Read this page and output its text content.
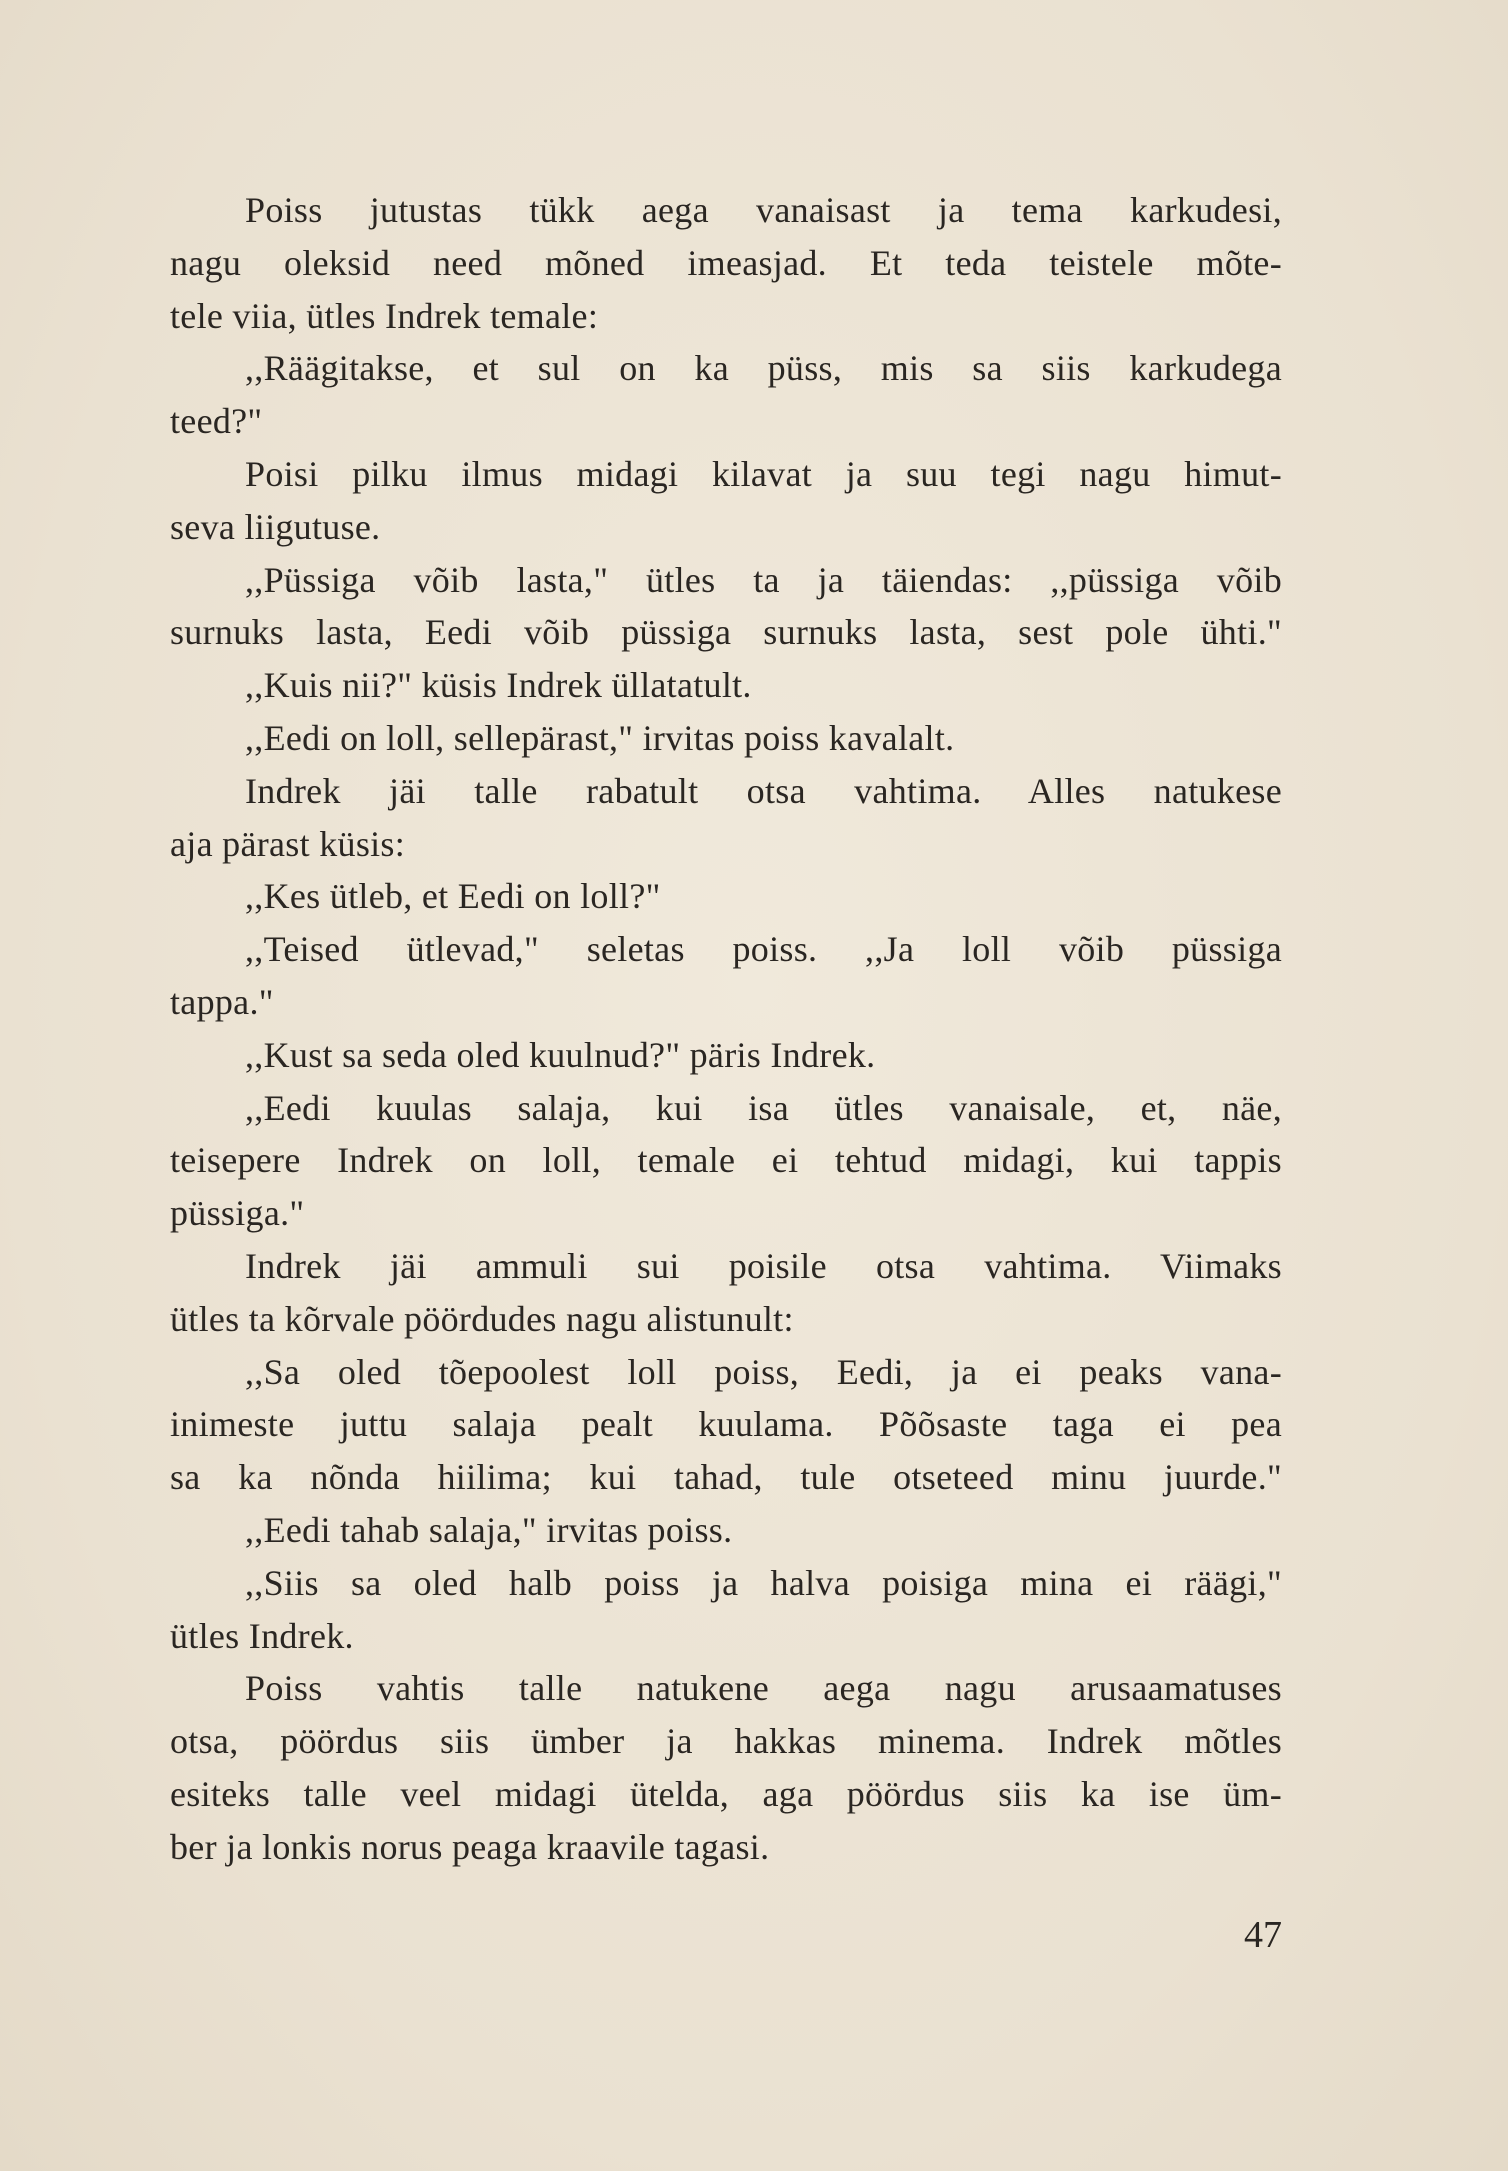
Poiss jutustas tükk aega vanaisast ja tema karkudesi,
nagu oleksid need mõned imeasjad. Et teda teistele mõte-
tele viia, ütles Indrek temale:
,,Räägitakse, et sul on ka püss, mis sa siis karkudega
teed?"
Poisi pilku ilmus midagi kilavat ja suu tegi nagu himut-
seva liigutuse.
,,Püssiga võib lasta," ütles ta ja täiendas: ,,püssiga võib
surnuks lasta, Eedi võib püssiga surnuks lasta, sest pole ühti."
,,Kuis nii?" küsis Indrek üllatatult.
,,Eedi on loll, sellepärast," irvitas poiss kavalalt.
Indrek jäi talle rabatult otsa vahtima. Alles natukese
aja pärast küsis:
,,Kes ütleb, et Eedi on loll?"
,,Teised ütlevad," seletas poiss. ,,Ja loll võib püssiga
tappa."
,,Kust sa seda oled kuulnud?" päris Indrek.
,,Eedi kuulas salaja, kui isa ütles vanaisale, et, näe,
teisepere Indrek on loll, temale ei tehtud midagi, kui tappis
püssiga."
Indrek jäi ammuli sui poisile otsa vahtima. Viimaks
ütles ta kõrvale pöördudes nagu alistunult:
,,Sa oled tõepoolest loll poiss, Eedi, ja ei peaks vana-
inimeste juttu salaja pealt kuulama. Põõsaste taga ei pea
sa ka nõnda hiilima; kui tahad, tule otseteed minu juurde."
,,Eedi tahab salaja," irvitas poiss.
,,Siis sa oled halb poiss ja halva poisiga mina ei räägi,"
ütles Indrek.
Poiss vahtis talle natukene aega nagu arusaamatuses
otsa, pöördus siis ümber ja hakkas minema. Indrek mõtles
esiteks talle veel midagi ütelda, aga pöördus siis ka ise üm-
ber ja lonkis norus peaga kraavile tagasi.
47
